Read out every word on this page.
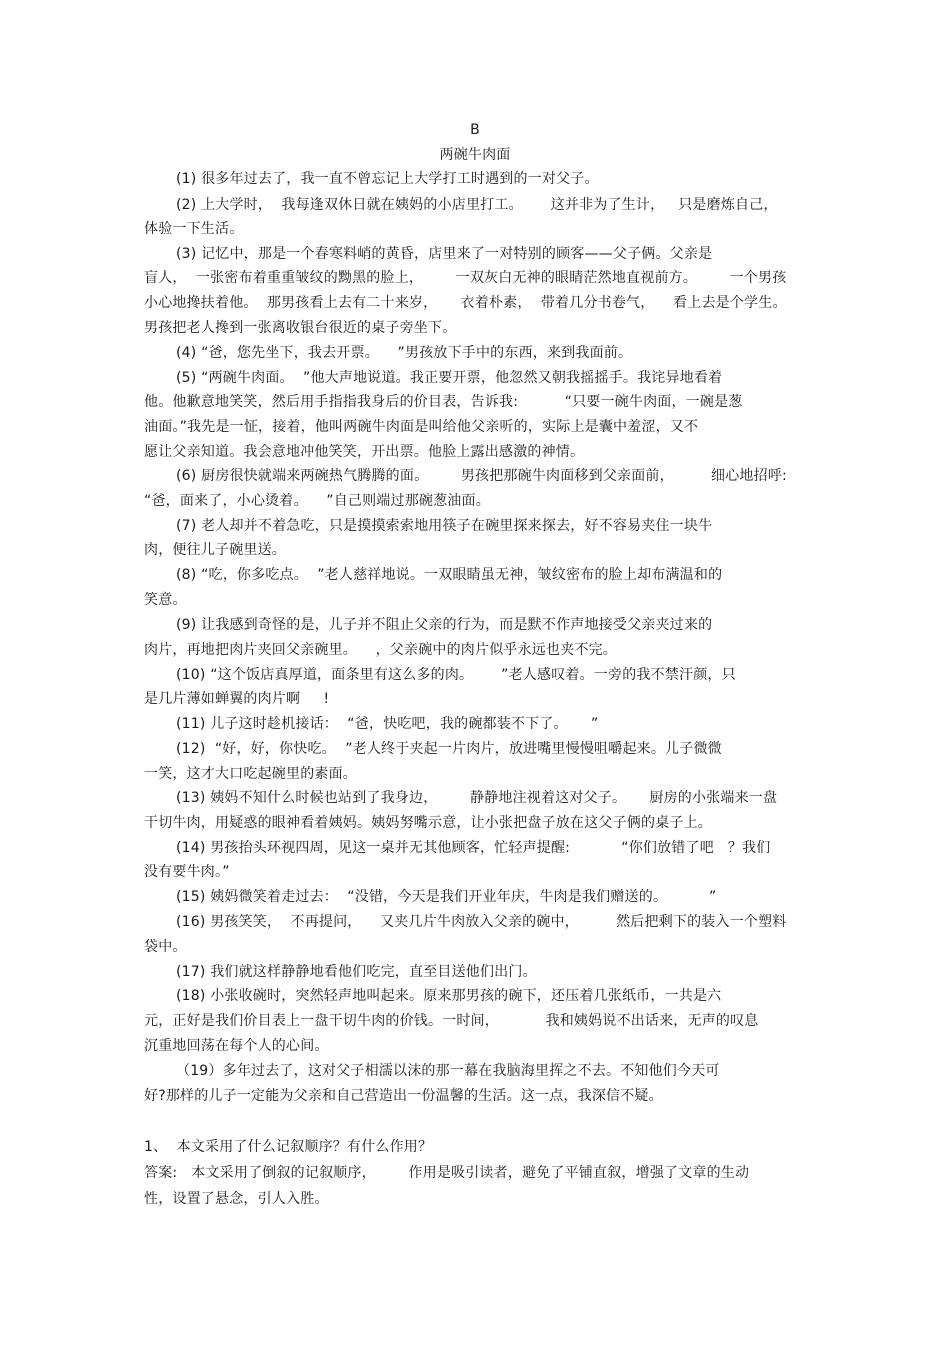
B
两碗牛肉面
(1) 很多年过去了，我一直不曾忘记上大学打工时遇到的一对父子。
(2) 上大学时，  我每逢双休日就在姨妈的小店里打工。      这并非为了生计，   只是磨炼自己，
体验一下生活。
(3) 记忆中，那是一个春寒料峭的黄昏，店里来了一对特别的顾客——父子俩。父亲是
盲人，  一张密布着重重皱纹的黝黑的脸上，       一双灰白无神的眼睛茫然地直视前方。       一个男孩
小心地搀扶着他。  那男孩看上去有二十来岁，     衣着朴素，  带着几分书卷气，    看上去是个学生。
男孩把老人搀到一张离收银台很近的桌子旁坐下。
(4) “爸，您先坐下，我去开票。    ”男孩放下手中的东西，来到我面前。
(5) “两碗牛肉面。  ”他大声地说道。我正要开票，他忽然又朝我摇摇手。我诧异地看着
他。他歉意地笑笑，然后用手指指我身后的价目表，告诉我:          “只要一碗牛肉面，一碗是葱
油面。”我先是一怔，接着，他叫两碗牛肉面是叫给他父亲听的，实际上是囊中羞涩，又不
愿让父亲知道。我会意地冲他笑笑，开出票。他脸上露出感激的神情。
(6) 厨房很快就端来两碗热气腾腾的面。       男孩把那碗牛肉面移到父亲面前，        细心地招呼:
“爸，面来了，小心烫着。    ”自己则端过那碗葱油面。
(7) 老人却并不着急吃，只是摸摸索索地用筷子在碗里探来探去，好不容易夹住一块牛
肉，便往儿子碗里送。
(8) “吃，你多吃点。  ”老人慈祥地说。一双眼睛虽无神，皱纹密布的脸上却布满温和的
笑意。
(9) 让我感到奇怪的是，儿子并不阻止父亲的行为，而是默不作声地接受父亲夹过来的
肉片，再地把肉片夹回父亲碗里。    ，父亲碗中的肉片似乎永远也夹不完。
(10) “这个饭店真厚道，面条里有这么多的肉。      ”老人感叹着。一旁的我不禁汗颜，只
是几片薄如蝉翼的肉片啊     !
(11) 儿子这时趁机接话：  “爸，快吃吧，我的碗都装不下了。     ”
(12)  “好，好，你快吃。  ”老人终于夹起一片肉片，放进嘴里慢慢咀嚼起来。儿子微微
一笑，这才大口吃起碗里的素面。
(13) 姨妈不知什么时候也站到了我身边，       静静地注视着这对父子。     厨房的小张端来一盘
干切牛肉，用疑惑的眼神看着姨妈。姨妈努嘴示意，让小张把盘子放在这父子俩的桌子上。
(14) 男孩抬头环视四周，见这一桌并无其他顾客，忙轻声提醒:           “你们放错了吧   ？我们
没有要牛肉。”
(15) 姨妈微笑着走过去：  “没错，今天是我们开业年庆，牛肉是我们赠送的。         ”
(16) 男孩笑笑，  不再提问，    又夹几片牛肉放入父亲的碗中，        然后把剩下的装入一个塑料
袋中。
(17) 我们就这样静静地看他们吃完，直至目送他们出门。
(18) 小张收碗时，突然轻声地叫起来。原来那男孩的碗下，还压着几张纸币，一共是六
元，正好是我们价目表上一盘干切牛肉的价钱。一时间，          我和姨妈说不出话来，无声的叹息
沉重地回荡在每个人的心间。
（19）多年过去了，这对父子相濡以沫的那一幕在我脑海里挥之不去。不知他们今天可
好?那样的儿子一定能为父亲和自己营造出一份温馨的生活。这一点，我深信不疑。
1、  本文采用了什么记叙顺序？有什么作用？
答案:   本文采用了倒叙的记叙顺序，       作用是吸引读者，避免了平铺直叙，增强了文章的生动
性，设置了悬念，引人入胜。
